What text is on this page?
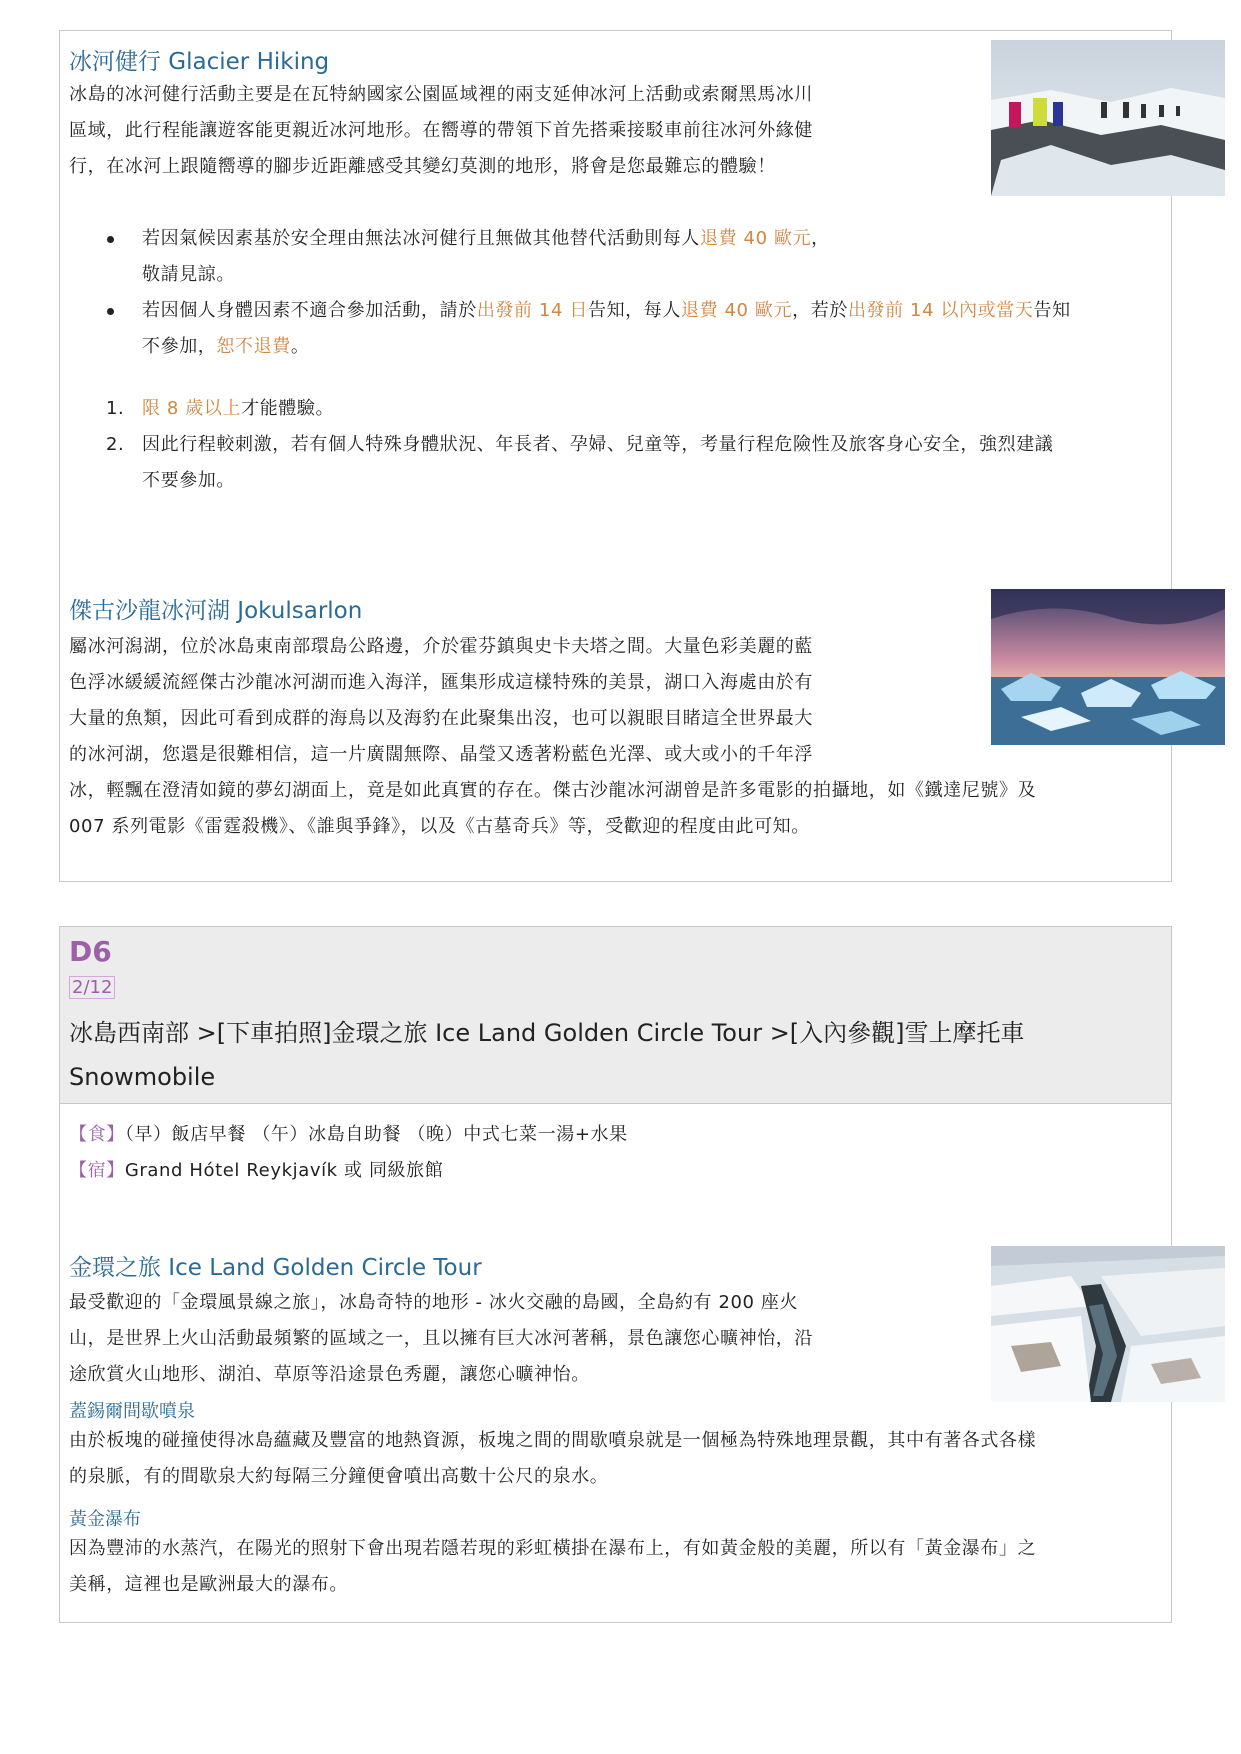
冰河健行 Glacier Hiking
冰島的冰河健行活動主要是在瓦特納國家公園區域裡的兩支延伸冰河上活動或索爾黑馬冰川
區域，此行程能讓遊客能更親近冰河地形。在嚮導的帶領下首先搭乘接駁車前往冰河外緣健
行，在冰河上跟隨嚮導的腳步近距離感受其變幻莫測的地形，將會是您最難忘的體驗！
若因氣候因素基於安全理由無法冰河健行且無做其他替代活動則每人退費 40 歐元，
敬請見諒。
若因個人身體因素不適合參加活動，請於出發前 14 日告知，每人退費 40 歐元，若於出發前 14 以內或當天告知
不參加，恕不退費。
1. 限 8 歲以上才能體驗。
2. 因此行程較刺激，若有個人特殊身體狀況、年長者、孕婦、兒童等，考量行程危險性及旅客身心安全，強烈建議
不要參加。
傑古沙龍冰河湖 Jokulsarlon
屬冰河潟湖，位於冰島東南部環島公路邊，介於霍芬鎮與史卡夫塔之間。大量色彩美麗的藍
色浮冰緩緩流經傑古沙龍冰河湖而進入海洋，匯集形成這樣特殊的美景，湖口入海處由於有
大量的魚類，因此可看到成群的海鳥以及海豹在此聚集出沒，也可以親眼目睹這全世界最大
的冰河湖，您還是很難相信，這一片廣闊無際、晶瑩又透著粉藍色光澤、或大或小的千年浮
冰，輕飄在澄清如鏡的夢幻湖面上，竟是如此真實的存在。傑古沙龍冰河湖曾是許多電影的拍攝地，如《鐵達尼號》及
007 系列電影《雷霆殺機》、《誰與爭鋒》，以及《古墓奇兵》等，受歡迎的程度由此可知。
D6
2/12
冰島西南部 >[下車拍照]金環之旅 Ice Land Golden Circle Tour >[入內參觀]雪上摩托車
Snowmobile
【食】（早）飯店早餐 （午）冰島自助餐 （晚）中式七菜一湯+水果
【宿】Grand Hótel Reykjavík 或 同級旅館
金環之旅 Ice Land Golden Circle Tour
最受歡迎的「金環風景線之旅」，冰島奇特的地形 - 冰火交融的島國，全島約有 200 座火
山，是世界上火山活動最頻繁的區域之一，且以擁有巨大冰河著稱，景色讓您心曠神怡，沿
途欣賞火山地形、湖泊、草原等沿途景色秀麗，讓您心曠神怡。
蓋錫爾間歇噴泉
由於板塊的碰撞使得冰島蘊藏及豐富的地熱資源，板塊之間的間歇噴泉就是一個極為特殊地理景觀，其中有著各式各樣
的泉脈，有的間歇泉大約每隔三分鐘便會噴出高數十公尺的泉水。
黃金瀑布
因為豐沛的水蒸汽，在陽光的照射下會出現若隱若現的彩虹橫掛在瀑布上，有如黃金般的美麗，所以有「黃金瀑布」之
美稱，這裡也是歐洲最大的瀑布。
